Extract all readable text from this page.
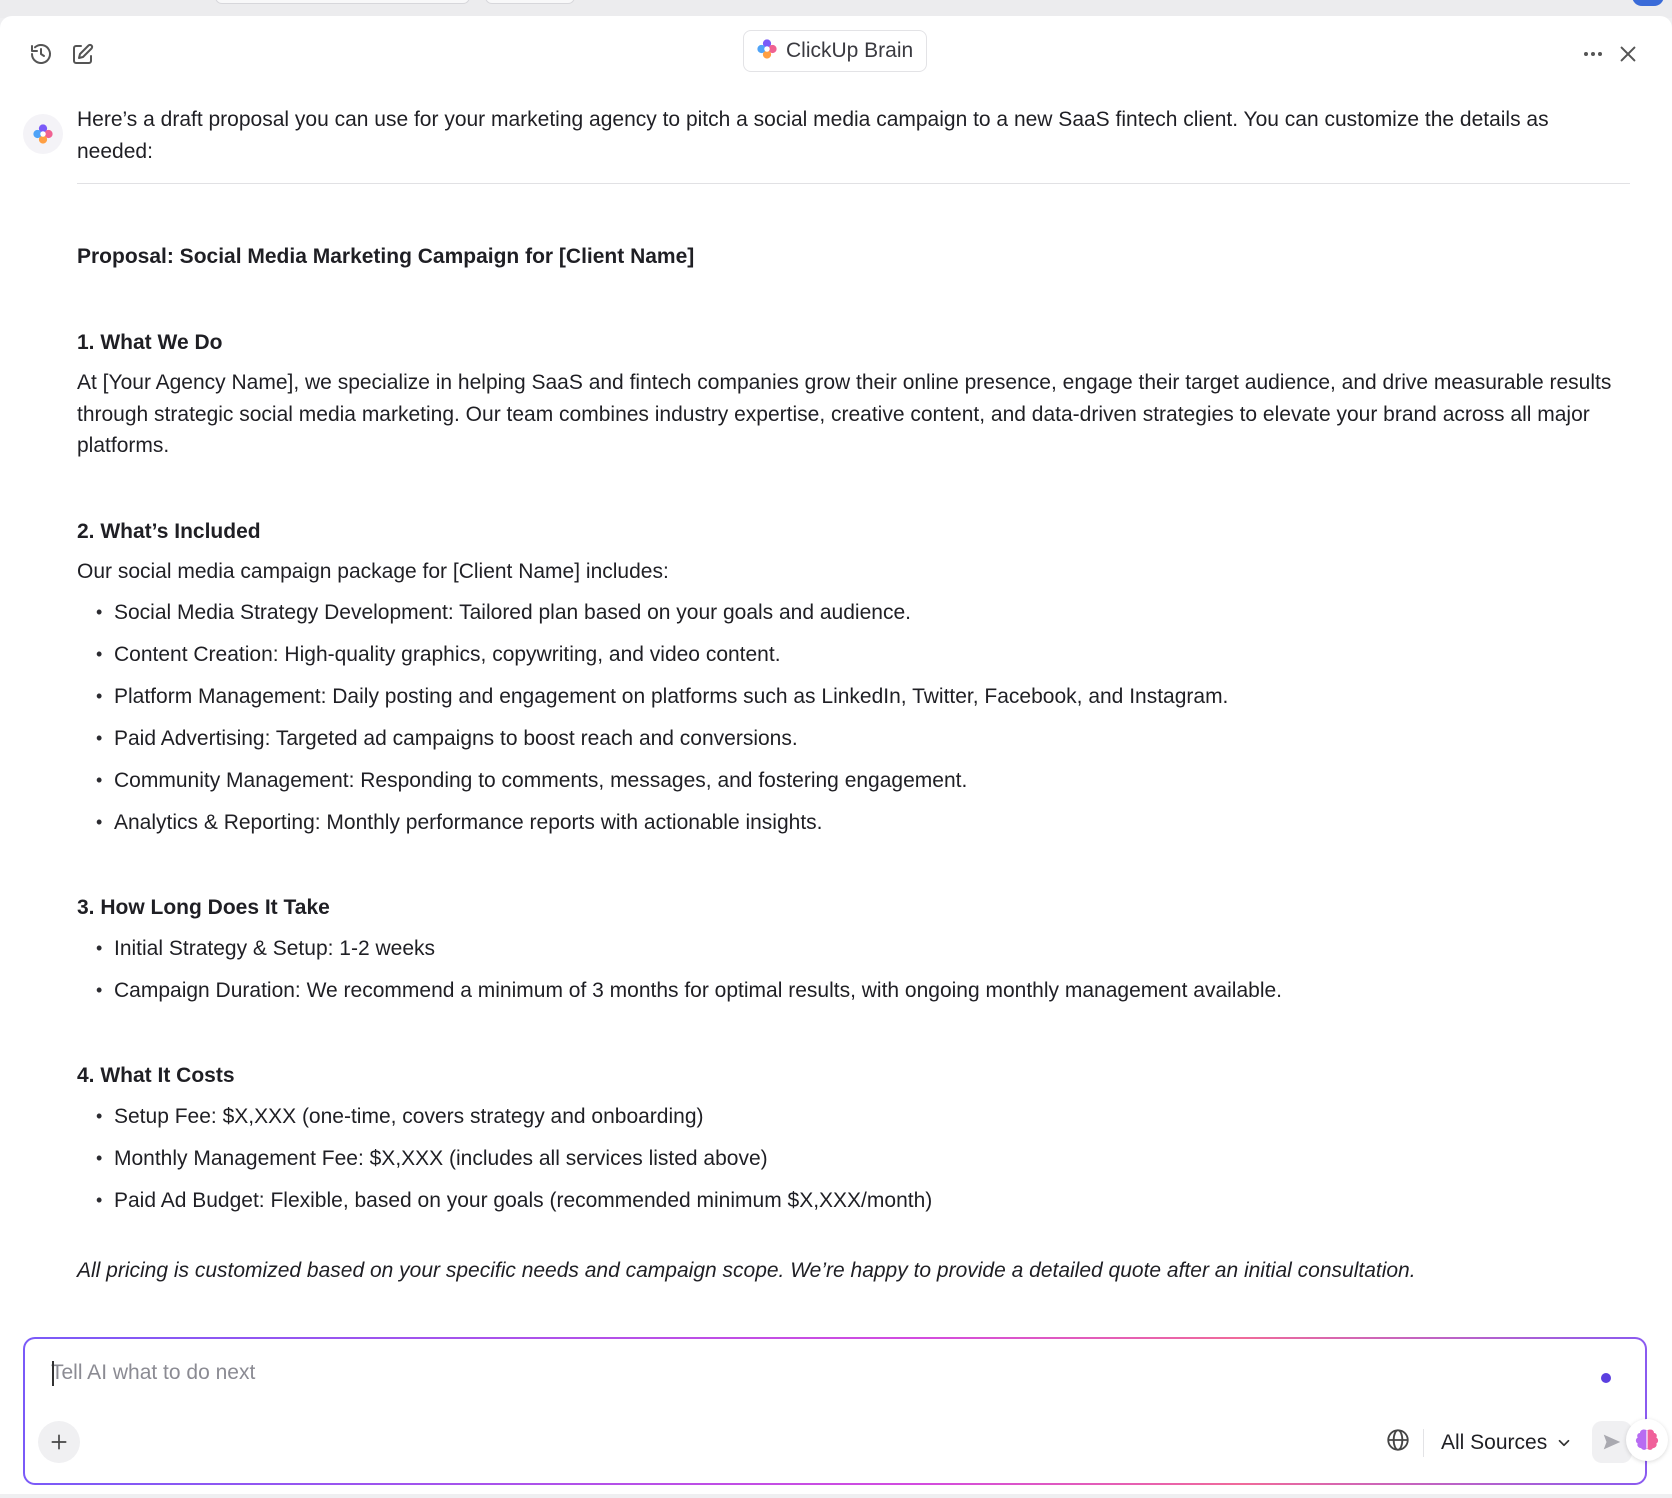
ClickUp Brain

Here’s a draft proposal you can use for your marketing agency to pitch a social media campaign to a new SaaS fintech client. You can customize the details as needed:

Proposal: Social Media Marketing Campaign for [Client Name]

1. What We Do

At [Your Agency Name], we specialize in helping SaaS and fintech companies grow their online presence, engage their target audience, and drive measurable results through strategic social media marketing. Our team combines industry expertise, creative content, and data-driven strategies to elevate your brand across all major platforms.

2. What’s Included

Our social media campaign package for [Client Name] includes:

• Social Media Strategy Development: Tailored plan based on your goals and audience.
• Content Creation: High-quality graphics, copywriting, and video content.
• Platform Management: Daily posting and engagement on platforms such as LinkedIn, Twitter, Facebook, and Instagram.
• Paid Advertising: Targeted ad campaigns to boost reach and conversions.
• Community Management: Responding to comments, messages, and fostering engagement.
• Analytics & Reporting: Monthly performance reports with actionable insights.

3. How Long Does It Take

• Initial Strategy & Setup: 1-2 weeks
• Campaign Duration: We recommend a minimum of 3 months for optimal results, with ongoing monthly management available.

4. What It Costs

• Setup Fee: $X,XXX (one-time, covers strategy and onboarding)
• Monthly Management Fee: $X,XXX (includes all services listed above)
• Paid Ad Budget: Flexible, based on your goals (recommended minimum $X,XXX/month)

All pricing is customized based on your specific needs and campaign scope. We’re happy to provide a detailed quote after an initial consultation.

Tell AI what to do next
All Sources
